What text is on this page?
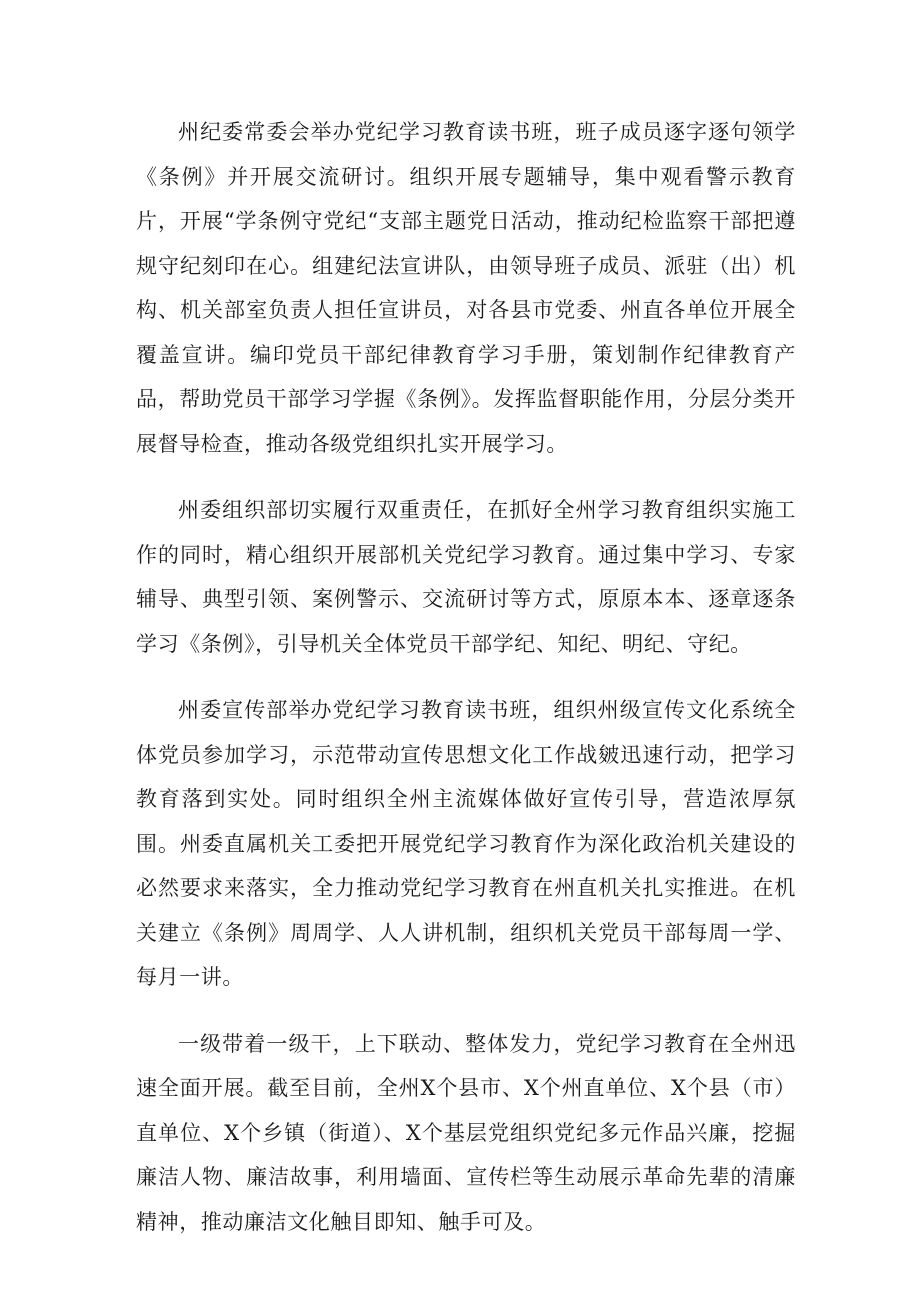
州纪委常委会举办党纪学习教育读书班，班子成员逐字逐句领学《条例》并开展交流研讨。组织开展专题辅导，集中观看警示教育片，开展“学条例守党纪“支部主题党日活动，推动纪检监察干部把遵规守纪刻印在心。组建纪法宣讲队，由领导班子成员、派驻（出）机构、机关部室负责人担任宣讲员，对各县市党委、州直各单位开展全覆盖宣讲。编印党员干部纪律教育学习手册，策划制作纪律教育产品，帮助党员干部学习学握《条例》。发挥监督职能作用，分层分类开展督导检查，推动各级党组织扎实开展学习。

州委组织部切实履行双重责任，在抓好全州学习教育组织实施工作的同时，精心组织开展部机关党纪学习教育。通过集中学习、专家辅导、典型引领、案例警示、交流研讨等方式，原原本本、逐章逐条学习《条例》，引导机关全体党员干部学纪、知纪、明纪、守纪。

州委宣传部举办党纪学习教育读书班，组织州级宣传文化系统全体党员参加学习，示范带动宣传思想文化工作战皴迅速行动，把学习教育落到实处。同时组织全州主流媒体做好宣传引导，营造浓厚氛围。州委直属机关工委把开展党纪学习教育作为深化政治机关建设的必然要求来落实，全力推动党纪学习教育在州直机关扎实推进。在机关建立《条例》周周学、人人讲机制，组织机关党员干部每周一学、每月一讲。

一级带着一级干，上下联动、整体发力，党纪学习教育在全州迅速全面开展。截至目前，全州X个县市、X个州直单位、X个县（市）直单位、X个乡镇（街道）、X个基层党组织党纪多元作品兴廉，挖掘廉洁人物、廉洁故事，利用墙面、宣传栏等生动展示革命先辈的清廉精神，推动廉洁文化触目即知、触手可及。
